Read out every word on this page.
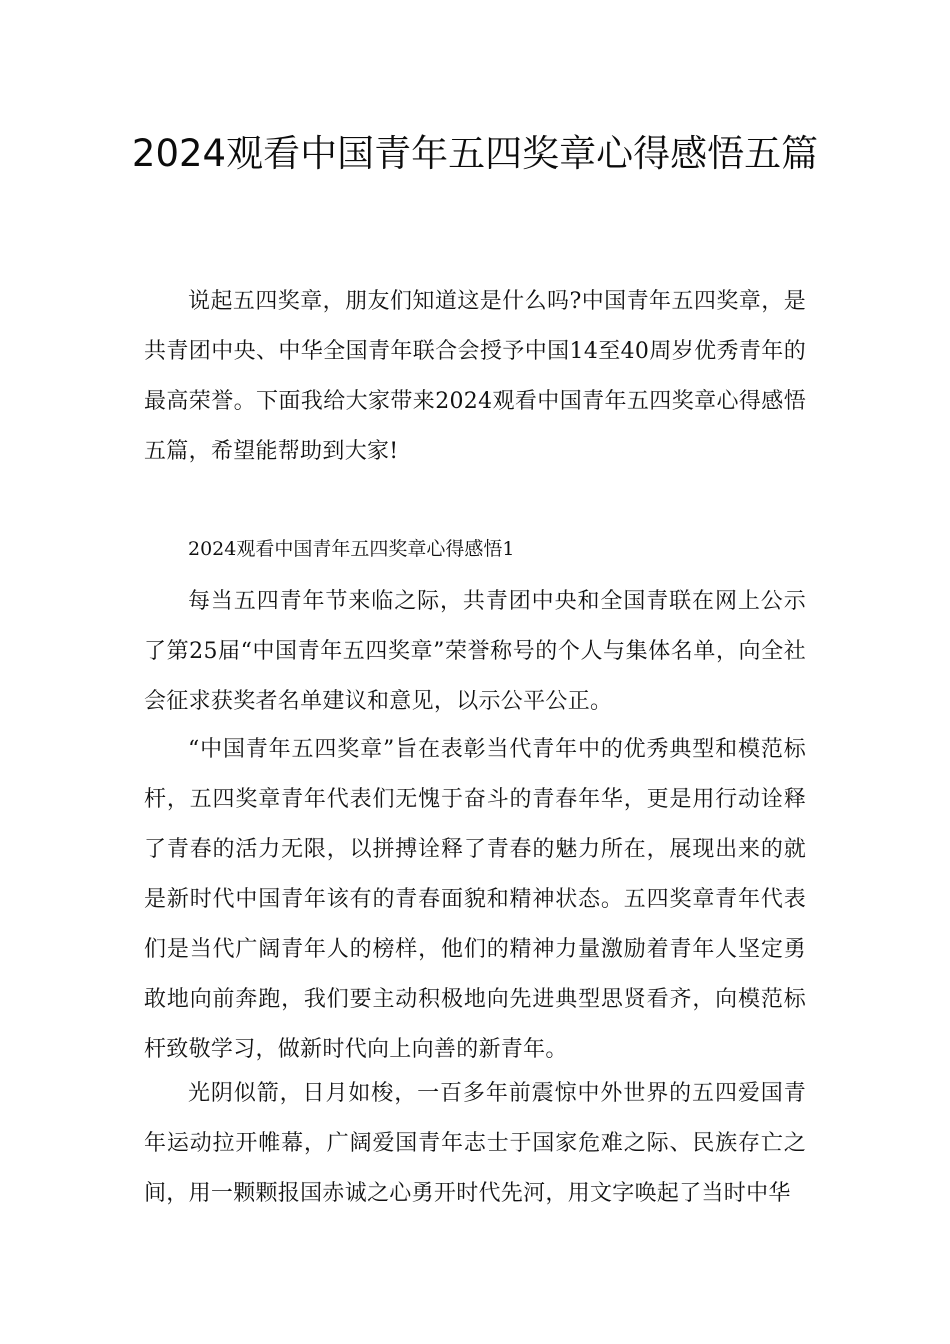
2024观看中国青年五四奖章心得感悟五篇

说起五四奖章，朋友们知道这是什么吗?中国青年五四奖章，是共青团中央、中华全国青年联合会授予中国14至40周岁优秀青年的最高荣誉。下面我给大家带来2024观看中国青年五四奖章心得感悟五篇，希望能帮助到大家!

2024观看中国青年五四奖章心得感悟1

每当五四青年节来临之际，共青团中央和全国青联在网上公示了第25届“中国青年五四奖章”荣誉称号的个人与集体名单，向全社会征求获奖者名单建议和意见，以示公平公正。

“中国青年五四奖章”旨在表彰当代青年中的优秀典型和模范标杆，五四奖章青年代表们无愧于奋斗的青春年华，更是用行动诠释了青春的活力无限，以拼搏诠释了青春的魅力所在，展现出来的就是新时代中国青年该有的青春面貌和精神状态。五四奖章青年代表们是当代广阔青年人的榜样，他们的精神力量激励着青年人坚定勇敢地向前奔跑，我们要主动积极地向先进典型思贤看齐，向模范标杆致敬学习，做新时代向上向善的新青年。

光阴似箭，日月如梭，一百多年前震惊中外世界的五四爱国青年运动拉开帷幕，广阔爱国青年志士于国家危难之际、民族存亡之间，用一颗颗报国赤诚之心勇开时代先河，用文字唤起了当时中华
